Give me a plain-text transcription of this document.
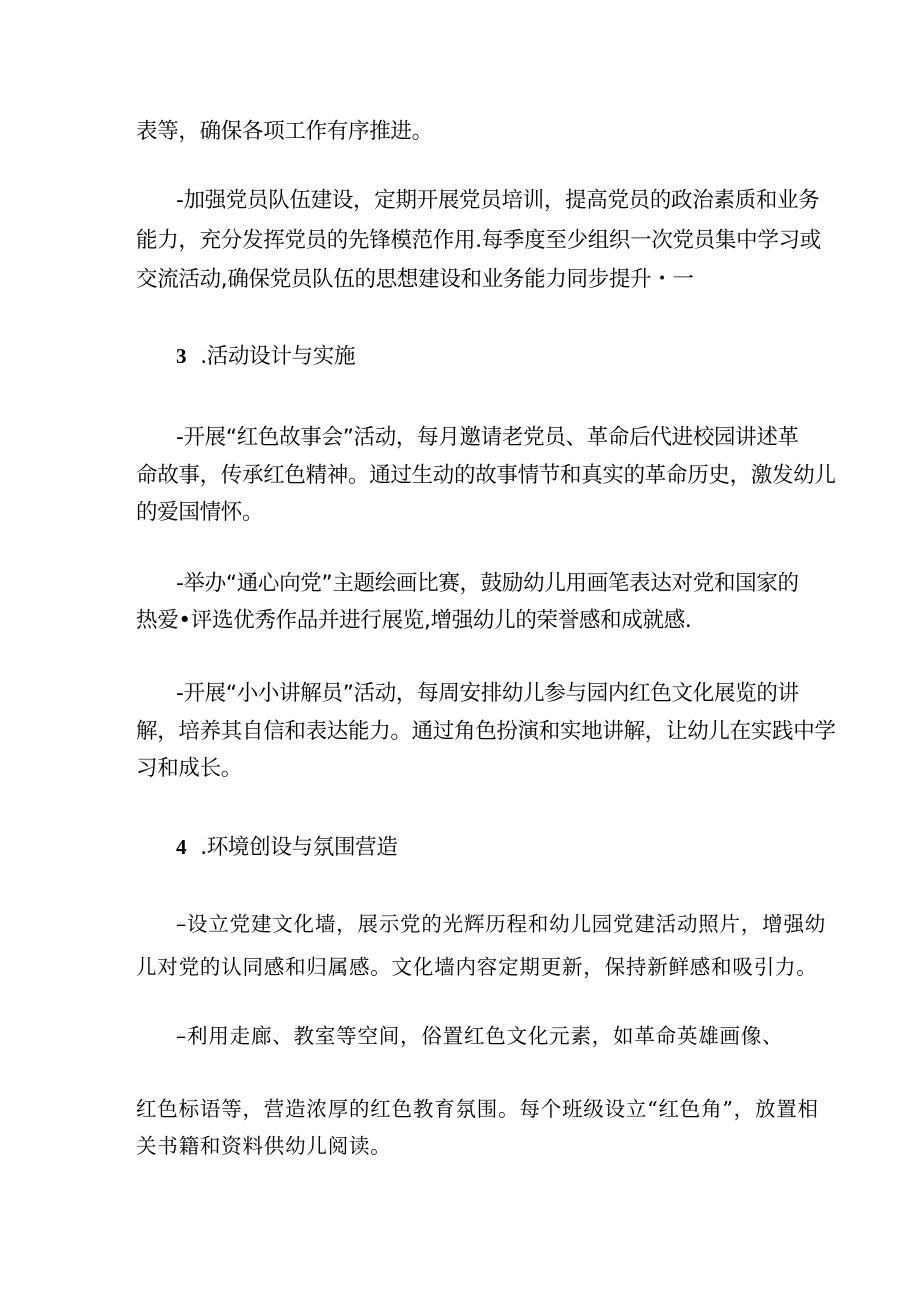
表等，确保各项工作有序推进。
-加强党员队伍建设，定期开展党员培训，提高党员的政治素质和业务
能力，充分发挥党员的先锋模范作用.每季度至少组织一次党员集中学习或
交流活动,确保党员队伍的思想建设和业务能力同步提升・一
3 .活动设计与实施
-开展“红色故事会”活动，每月邀请老党员、革命后代进校园讲述革
命故事，传承红色精神。通过生动的故事情节和真实的革命历史，激发幼儿
的爱国情怀。
-举办“通心向党”主题绘画比赛，鼓励幼儿用画笔表达对党和国家的
热爱•评选优秀作品并进行展览,增强幼儿的荣誉感和成就感.
-开展“小小讲解员”活动，每周安排幼儿参与园内红色文化展览的讲
解，培养其自信和表达能力。通过角色扮演和实地讲解，让幼儿在实践中学
习和成长。
4 .环境创设与氛围营造
–设立党建文化墙，展示党的光辉历程和幼儿园党建活动照片，增强幼
儿对党的认同感和归属感。文化墙内容定期更新，保持新鲜感和吸引力。
–利用走廊、教室等空间，俗置红色文化元素，如革命英雄画像、
红色标语等，营造浓厚的红色教育氛围。每个班级设立“红色角”，放置相
关书籍和资料供幼儿阅读。
